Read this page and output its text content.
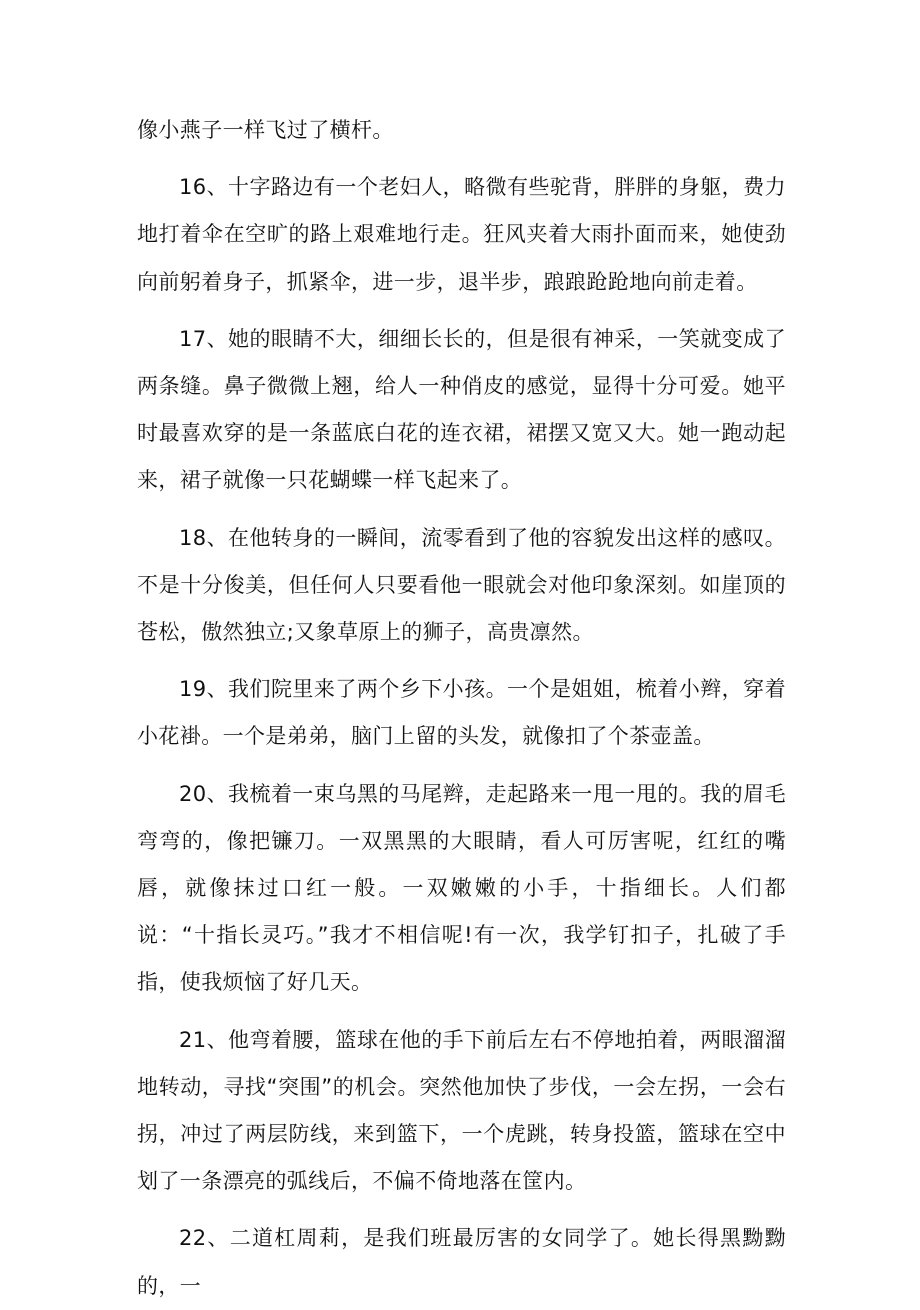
像小燕子一样飞过了横杆。

16、十字路边有一个老妇人，略微有些驼背，胖胖的身躯，费力地打着伞在空旷的路上艰难地行走。狂风夹着大雨扑面而来，她使劲向前躬着身子，抓紧伞，进一步，退半步，踉踉跄跄地向前走着。

17、她的眼睛不大，细细长长的，但是很有神采，一笑就变成了两条缝。鼻子微微上翘，给人一种俏皮的感觉，显得十分可爱。她平时最喜欢穿的是一条蓝底白花的连衣裙，裙摆又宽又大。她一跑动起来，裙子就像一只花蝴蝶一样飞起来了。

18、在他转身的一瞬间，流零看到了他的容貌发出这样的感叹。不是十分俊美，但任何人只要看他一眼就会对他印象深刻。如崖顶的苍松，傲然独立;又象草原上的狮子，高贵凛然。

19、我们院里来了两个乡下小孩。一个是姐姐，梳着小辫，穿着小花褂。一个是弟弟，脑门上留的头发，就像扣了个茶壶盖。

20、我梳着一束乌黑的马尾辫，走起路来一甩一甩的。我的眉毛弯弯的，像把镰刀。一双黑黑的大眼睛，看人可厉害呢，红红的嘴唇，就像抹过口红一般。一双嫩嫩的小手，十指细长。人们都说：“十指长灵巧。”我才不相信呢!有一次，我学钉扣子，扎破了手指，使我烦恼了好几天。

21、他弯着腰，篮球在他的手下前后左右不停地拍着，两眼溜溜地转动，寻找“突围”的机会。突然他加快了步伐，一会左拐，一会右拐，冲过了两层防线，来到篮下，一个虎跳，转身投篮，篮球在空中划了一条漂亮的弧线后，不偏不倚地落在筐内。

22、二道杠周莉，是我们班最厉害的女同学了。她长得黑黝黝的，一
